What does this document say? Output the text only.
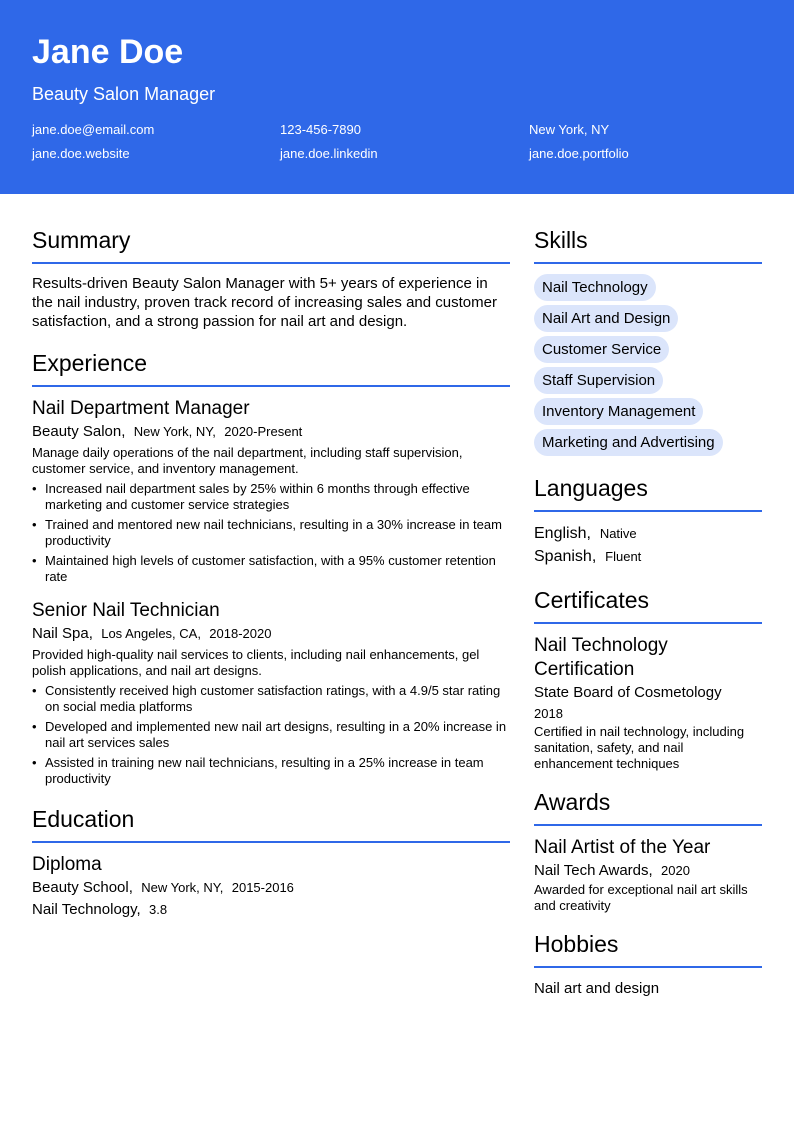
Jane Doe
Beauty Salon Manager
jane.doe@email.com	123-456-7890	New York, NY
jane.doe.website	jane.doe.linkedin	jane.doe.portfolio
Summary
Results-driven Beauty Salon Manager with 5+ years of experience in the nail industry, proven track record of increasing sales and customer satisfaction, and a strong passion for nail art and design.
Experience
Nail Department Manager
Beauty Salon, New York, NY, 2020-Present
Manage daily operations of the nail department, including staff supervision, customer service, and inventory management.
• Increased nail department sales by 25% within 6 months through effective marketing and customer service strategies
• Trained and mentored new nail technicians, resulting in a 30% increase in team productivity
• Maintained high levels of customer satisfaction, with a 95% customer retention rate
Senior Nail Technician
Nail Spa, Los Angeles, CA, 2018-2020
Provided high-quality nail services to clients, including nail enhancements, gel polish applications, and nail art designs.
• Consistently received high customer satisfaction ratings, with a 4.9/5 star rating on social media platforms
• Developed and implemented new nail art designs, resulting in a 20% increase in nail art services sales
• Assisted in training new nail technicians, resulting in a 25% increase in team productivity
Education
Diploma
Beauty School, New York, NY, 2015-2016
Nail Technology, 3.8
Skills
Nail Technology
Nail Art and Design
Customer Service
Staff Supervision
Inventory Management
Marketing and Advertising
Languages
English, Native
Spanish, Fluent
Certificates
Nail Technology Certification
State Board of Cosmetology
2018
Certified in nail technology, including sanitation, safety, and nail enhancement techniques
Awards
Nail Artist of the Year
Nail Tech Awards, 2020
Awarded for exceptional nail art skills and creativity
Hobbies
Nail art and design
